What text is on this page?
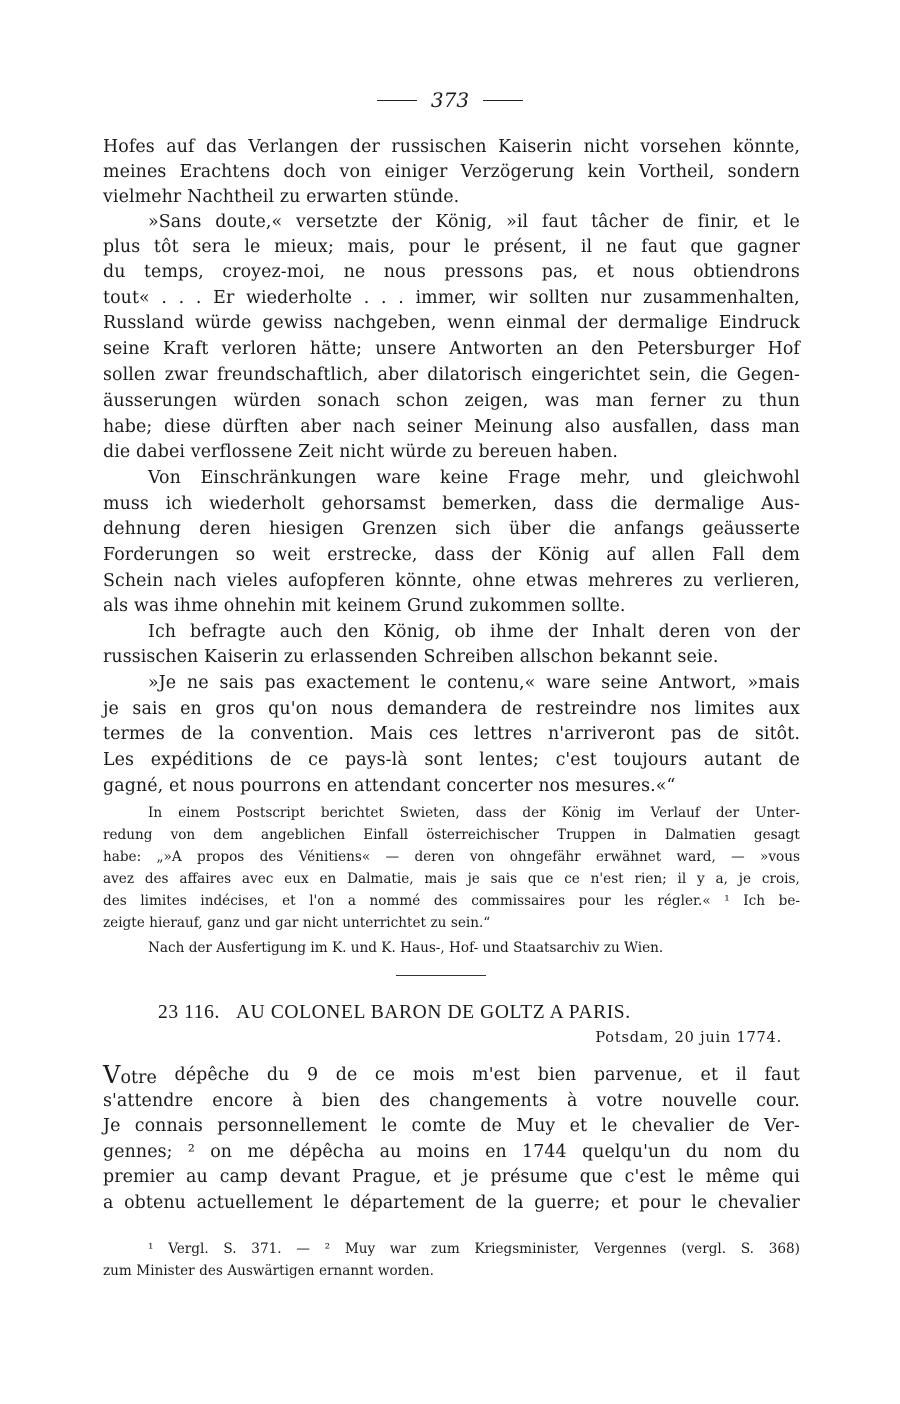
373
Hofes auf das Verlangen der russischen Kaiserin nicht vorsehen könnte,
meines Erachtens doch von einiger Verzögerung kein Vortheil, sondern
vielmehr Nachtheil zu erwarten stünde.
»Sans doute,« versetzte der König, »il faut tâcher de finir, et le
plus tôt sera le mieux; mais, pour le présent, il ne faut que gagner
du temps, croyez-moi, ne nous pressons pas, et nous obtiendrons
tout« . . . Er wiederholte . . . immer, wir sollten nur zusammenhalten,
Russland würde gewiss nachgeben, wenn einmal der dermalige Eindruck
seine Kraft verloren hätte; unsere Antworten an den Petersburger Hof
sollen zwar freundschaftlich, aber dilatorisch eingerichtet sein, die Gegen-
äusserungen würden sonach schon zeigen, was man ferner zu thun
habe; diese dürften aber nach seiner Meinung also ausfallen, dass man
die dabei verflossene Zeit nicht würde zu bereuen haben.
Von Einschränkungen ware keine Frage mehr, und gleichwohl
muss ich wiederholt gehorsamst bemerken, dass die dermalige Aus-
dehnung deren hiesigen Grenzen sich über die anfangs geäusserte
Forderungen so weit erstrecke, dass der König auf allen Fall dem
Schein nach vieles aufopferen könnte, ohne etwas mehreres zu verlieren,
als was ihme ohnehin mit keinem Grund zukommen sollte.
Ich befragte auch den König, ob ihme der Inhalt deren von der
russischen Kaiserin zu erlassenden Schreiben allschon bekannt seie.
»Je ne sais pas exactement le contenu,« ware seine Antwort, »mais
je sais en gros qu'on nous demandera de restreindre nos limites aux
termes de la convention. Mais ces lettres n'arriveront pas de sitôt.
Les expéditions de ce pays-là sont lentes; c'est toujours autant de
gagné, et nous pourrons en attendant concerter nos mesures.«“
In einem Postscript berichtet Swieten, dass der König im Verlauf der Unter-
redung von dem angeblichen Einfall österreichischer Truppen in Dalmatien gesagt
habe: „»A propos des Vénitiens« — deren von ohngefähr erwähnet ward, — »vous
avez des affaires avec eux en Dalmatie, mais je sais que ce n'est rien; il y a, je crois,
des limites indécises, et l'on a nommé des commissaires pour les régler.« ¹ Ich be-
zeigte hierauf, ganz und gar nicht unterrichtet zu sein.“
Nach der Ausfertigung im K. und K. Haus-, Hof- und Staatsarchiv zu Wien.
23 116. AU COLONEL BARON DE GOLTZ A PARIS.
Potsdam, 20 juin 1774.
Votre dépêche du 9 de ce mois m'est bien parvenue, et il faut
s'attendre encore à bien des changements à votre nouvelle cour.
Je connais personnellement le comte de Muy et le chevalier de Ver-
gennes; ² on me dépêcha au moins en 1744 quelqu'un du nom du
premier au camp devant Prague, et je présume que c'est le même qui
a obtenu actuellement le département de la guerre; et pour le chevalier
¹ Vergl. S. 371. — ² Muy war zum Kriegsminister, Vergennes (vergl. S. 368)
zum Minister des Auswärtigen ernannt worden.
